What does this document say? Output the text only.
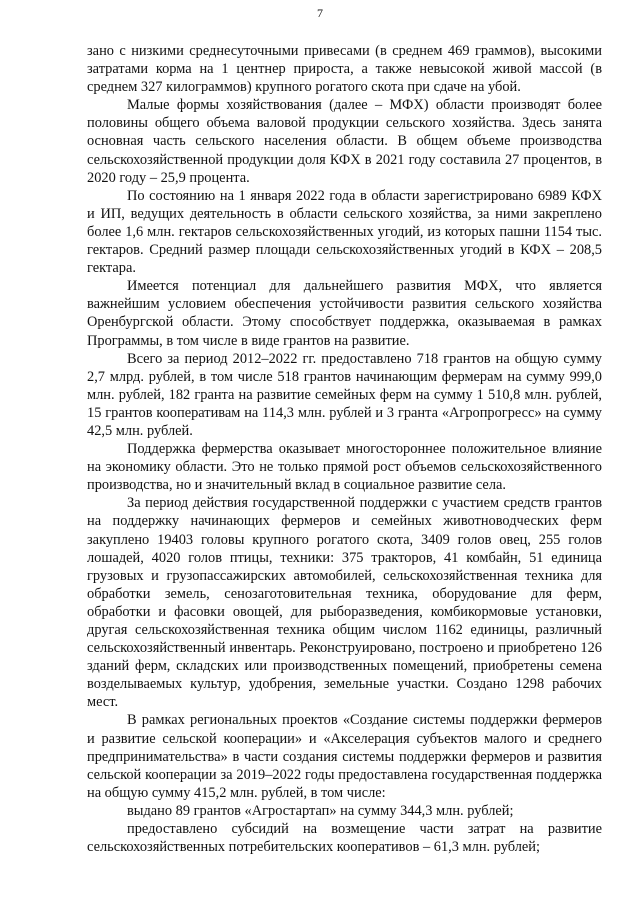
7

зано с низкими среднесуточными привесами (в среднем 469 граммов), высокими затратами корма на 1 центнер прироста, а также невысокой живой массой (в среднем 327 килограммов) крупного рогатого скота при сдаче на убой.

Малые формы хозяйствования (далее – МФХ) области производят более половины общего объема валовой продукции сельского хозяйства. Здесь занята основная часть сельского населения области. В общем объеме производства сельскохозяйственной продукции доля КФХ в 2021 году составила 27 процентов, в 2020 году – 25,9 процента.

По состоянию на 1 января 2022 года в области зарегистрировано 6989 КФХ и ИП, ведущих деятельность в области сельского хозяйства, за ними закреплено более 1,6 млн. гектаров сельскохозяйственных угодий, из которых пашни 1154 тыс. гектаров. Средний размер площади сельскохозяйственных угодий в КФХ – 208,5 гектара.

Имеется потенциал для дальнейшего развития МФХ, что является важнейшим условием обеспечения устойчивости развития сельского хозяйства Оренбургской области. Этому способствует поддержка, оказываемая в рамках Программы, в том числе в виде грантов на развитие.

Всего за период 2012–2022 гг. предоставлено 718 грантов на общую сумму 2,7 млрд. рублей, в том числе 518 грантов начинающим фермерам на сумму 999,0 млн. рублей, 182 гранта на развитие семейных ферм на сумму 1 510,8 млн. рублей, 15 грантов кооперативам на 114,3 млн. рублей и 3 гранта «Агропрогресс» на сумму 42,5 млн. рублей.

Поддержка фермерства оказывает многостороннее положительное влияние на экономику области. Это не только прямой рост объемов сельскохозяйственного производства, но и значительный вклад в социальное развитие села.

За период действия государственной поддержки с участием средств грантов на поддержку начинающих фермеров и семейных животноводческих ферм закуплено 19403 головы крупного рогатого скота, 3409 голов овец, 255 голов лошадей, 4020 голов птицы, техники: 375 тракторов, 41 комбайн, 51 единица грузовых и грузопассажирских автомобилей, сельскохозяйственная техника для обработки земель, сенозаготовительная техника, оборудование для ферм, обработки и фасовки овощей, для рыборазведения, комбикормовые установки, другая сельскохозяйственная техника общим числом 1162 единицы, различный сельскохозяйственный инвентарь. Реконструировано, построено и приобретено 126 зданий ферм, складских или производственных помещений, приобретены семена возделываемых культур, удобрения, земельные участки. Создано 1298 рабочих мест.

В рамках региональных проектов «Создание системы поддержки фермеров и развитие сельской кооперации» и «Акселерация субъектов малого и среднего предпринимательства» в части создания системы поддержки фермеров и развития сельской кооперации за 2019–2022 годы предоставлена государственная поддержка на общую сумму 415,2 млн. рублей, в том числе:

выдано 89 грантов «Агростартап» на сумму 344,3 млн. рублей;

предоставлено субсидий на возмещение части затрат на развитие сельскохозяйственных потребительских кооперативов – 61,3 млн. рублей;
